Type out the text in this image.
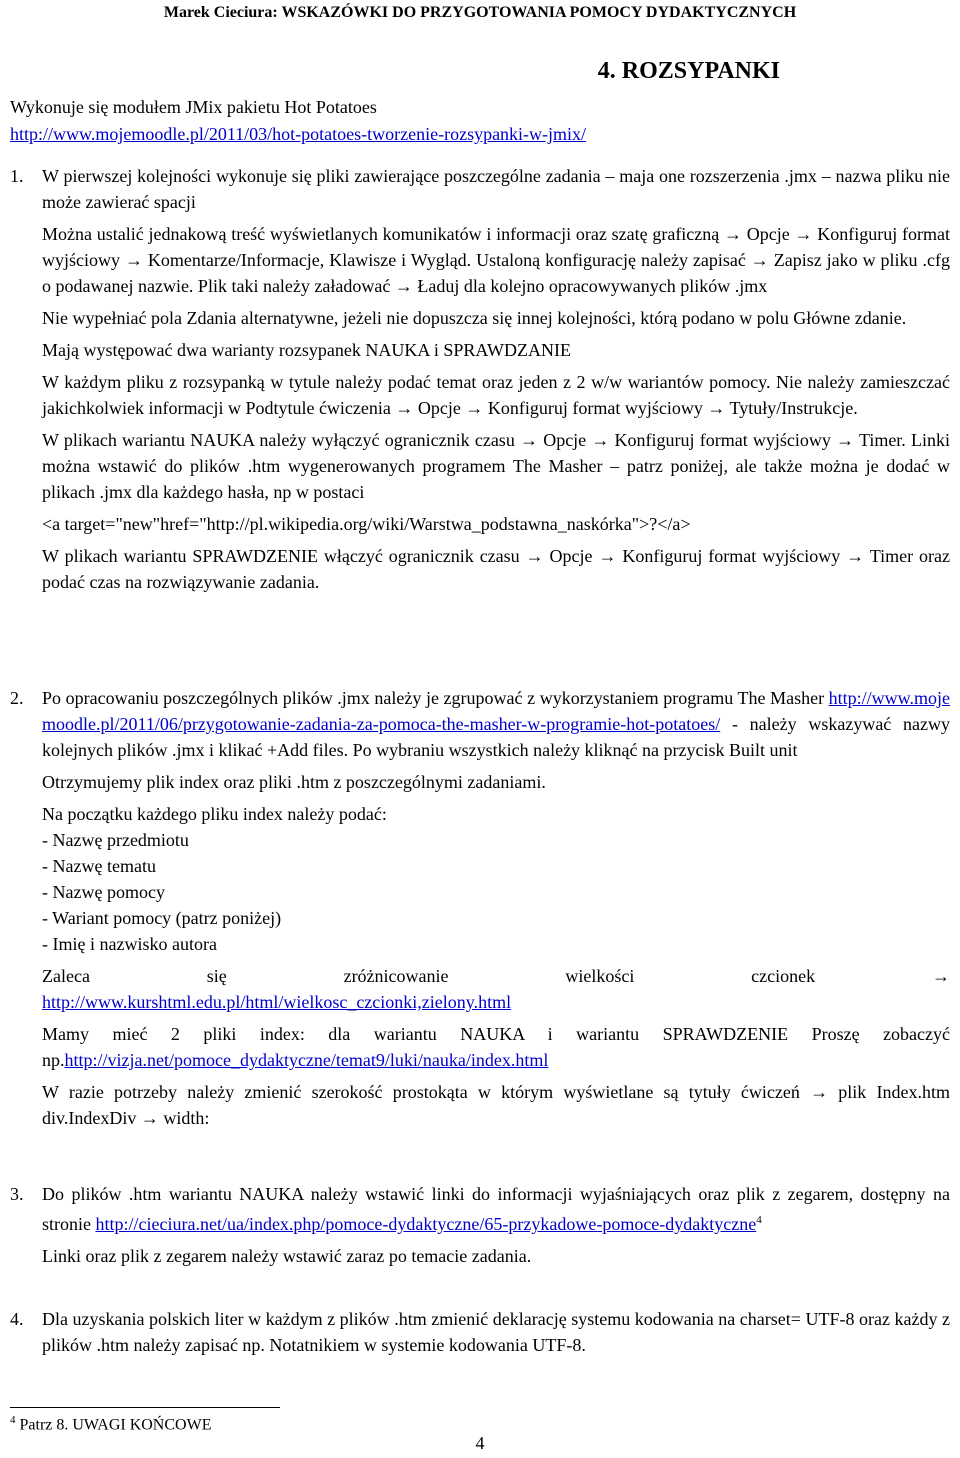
Marek Cieciura: WSKAZÓWKI DO PRZYGOTOWANIA POMOCY DYDAKTYCZNYCH
4. ROZSYPANKI
Wykonuje się modułem JMix pakietu Hot Potatoes
http://www.mojemoodle.pl/2011/03/hot-potatoes-tworzenie-rozsypanki-w-jmix/
1.	W pierwszej kolejności wykonuje się pliki zawierające poszczególne zadania – maja one rozszerzenia .jmx – nazwa pliku nie może zawierać spacji

Można ustalić jednakową treść wyświetlanych komunikatów i informacji oraz szatę graficzną → Opcje → Konfiguruj format wyjściowy → Komentarze/Informacje, Klawisze i Wygląd. Ustaloną konfigurację należy zapisać → Zapisz jako w pliku .cfg o podawanej nazwie. Plik taki należy załadować → Ładuj dla kolejno opracowywanych plików .jmx

Nie wypełniać pola Zdania alternatywne, jeżeli nie dopuszcza się innej kolejności, którą podano w polu Główne zdanie.

Mają występować dwa warianty rozsypanek NAUKA i SPRAWDZANIE

W każdym pliku z rozsypanką w tytule należy podać temat oraz jeden z 2 w/w wariantów pomocy. Nie należy zamieszczać jakichkolwiek informacji w Podtytule ćwiczenia → Opcje → Konfiguruj format wyjściowy → Tytuły/Instrukcje.

W plikach wariantu NAUKA należy wyłączyć ogranicznik czasu → Opcje → Konfiguruj format wyjściowy → Timer. Linki można wstawić do plików .htm wygenerowanych programem The Masher – patrz poniżej, ale także można je dodać w plikach .jmx dla każdego hasła, np w postaci

<a target="new"href="http://pl.wikipedia.org/wiki/Warstwa_podstawna_naskórka">?</a>

W plikach wariantu SPRAWDZENIE włączyć ogranicznik czasu → Opcje → Konfiguruj format wyjściowy → Timer oraz podać czas na rozwiązywanie zadania.

2.	Po opracowaniu poszczególnych plików .jmx należy je zgrupować z wykorzystaniem programu The Masher http://www.mojemoodle.pl/2011/06/przygotowanie-zadania-za-pomoca-the-masher-w-programie-hot-potatoes/ - należy wskazywać nazwy kolejnych plików .jmx i klikać +Add files. Po wybraniu wszystkich należy kliknąć na przycisk Built unit

Otrzymujemy plik index oraz pliki .htm z poszczególnymi zadaniami.

Na początku każdego pliku index należy podać:
- Nazwę przedmiotu
- Nazwę tematu
- Nazwę pomocy
- Wariant pomocy (patrz poniżej)
- Imię i nazwisko autora
Zaleca	się	zróżnicowanie	wielkości	czcionek	→
http://www.kurshtml.edu.pl/html/wielkosc_czcionki,zielony.html

Mamy mieć 2 pliki index: dla wariantu NAUKA i wariantu SPRAWDZENIE Proszę zobaczyć np.http://vizja.net/pomoce_dydaktyczne/temat9/luki/nauka/index.html

W razie potrzeby należy zmienić szerokość prostokąta w którym wyświetlane są tytuły ćwiczeń → plik Index.htm div.IndexDiv → width:

3.	Do plików .htm wariantu NAUKA należy wstawić linki do informacji wyjaśniających oraz plik z zegarem, dostępny na stronie http://cieciura.net/ua/index.php/pomoce-dydaktyczne/65-przykadowe-pomoce-dydaktyczne$^4$

Linki oraz plik z zegarem należy wstawić zaraz po temacie zadania.

4.	Dla uzyskania polskich liter w każdym z plików .htm zmienić deklarację systemu kodowania na charset= UTF-8 oraz każdy z plików .htm należy zapisać np. Notatnikiem w systemie kodowania UTF-8.

$^4$ Patrz 8. UWAGI KOŃCOWE
4
